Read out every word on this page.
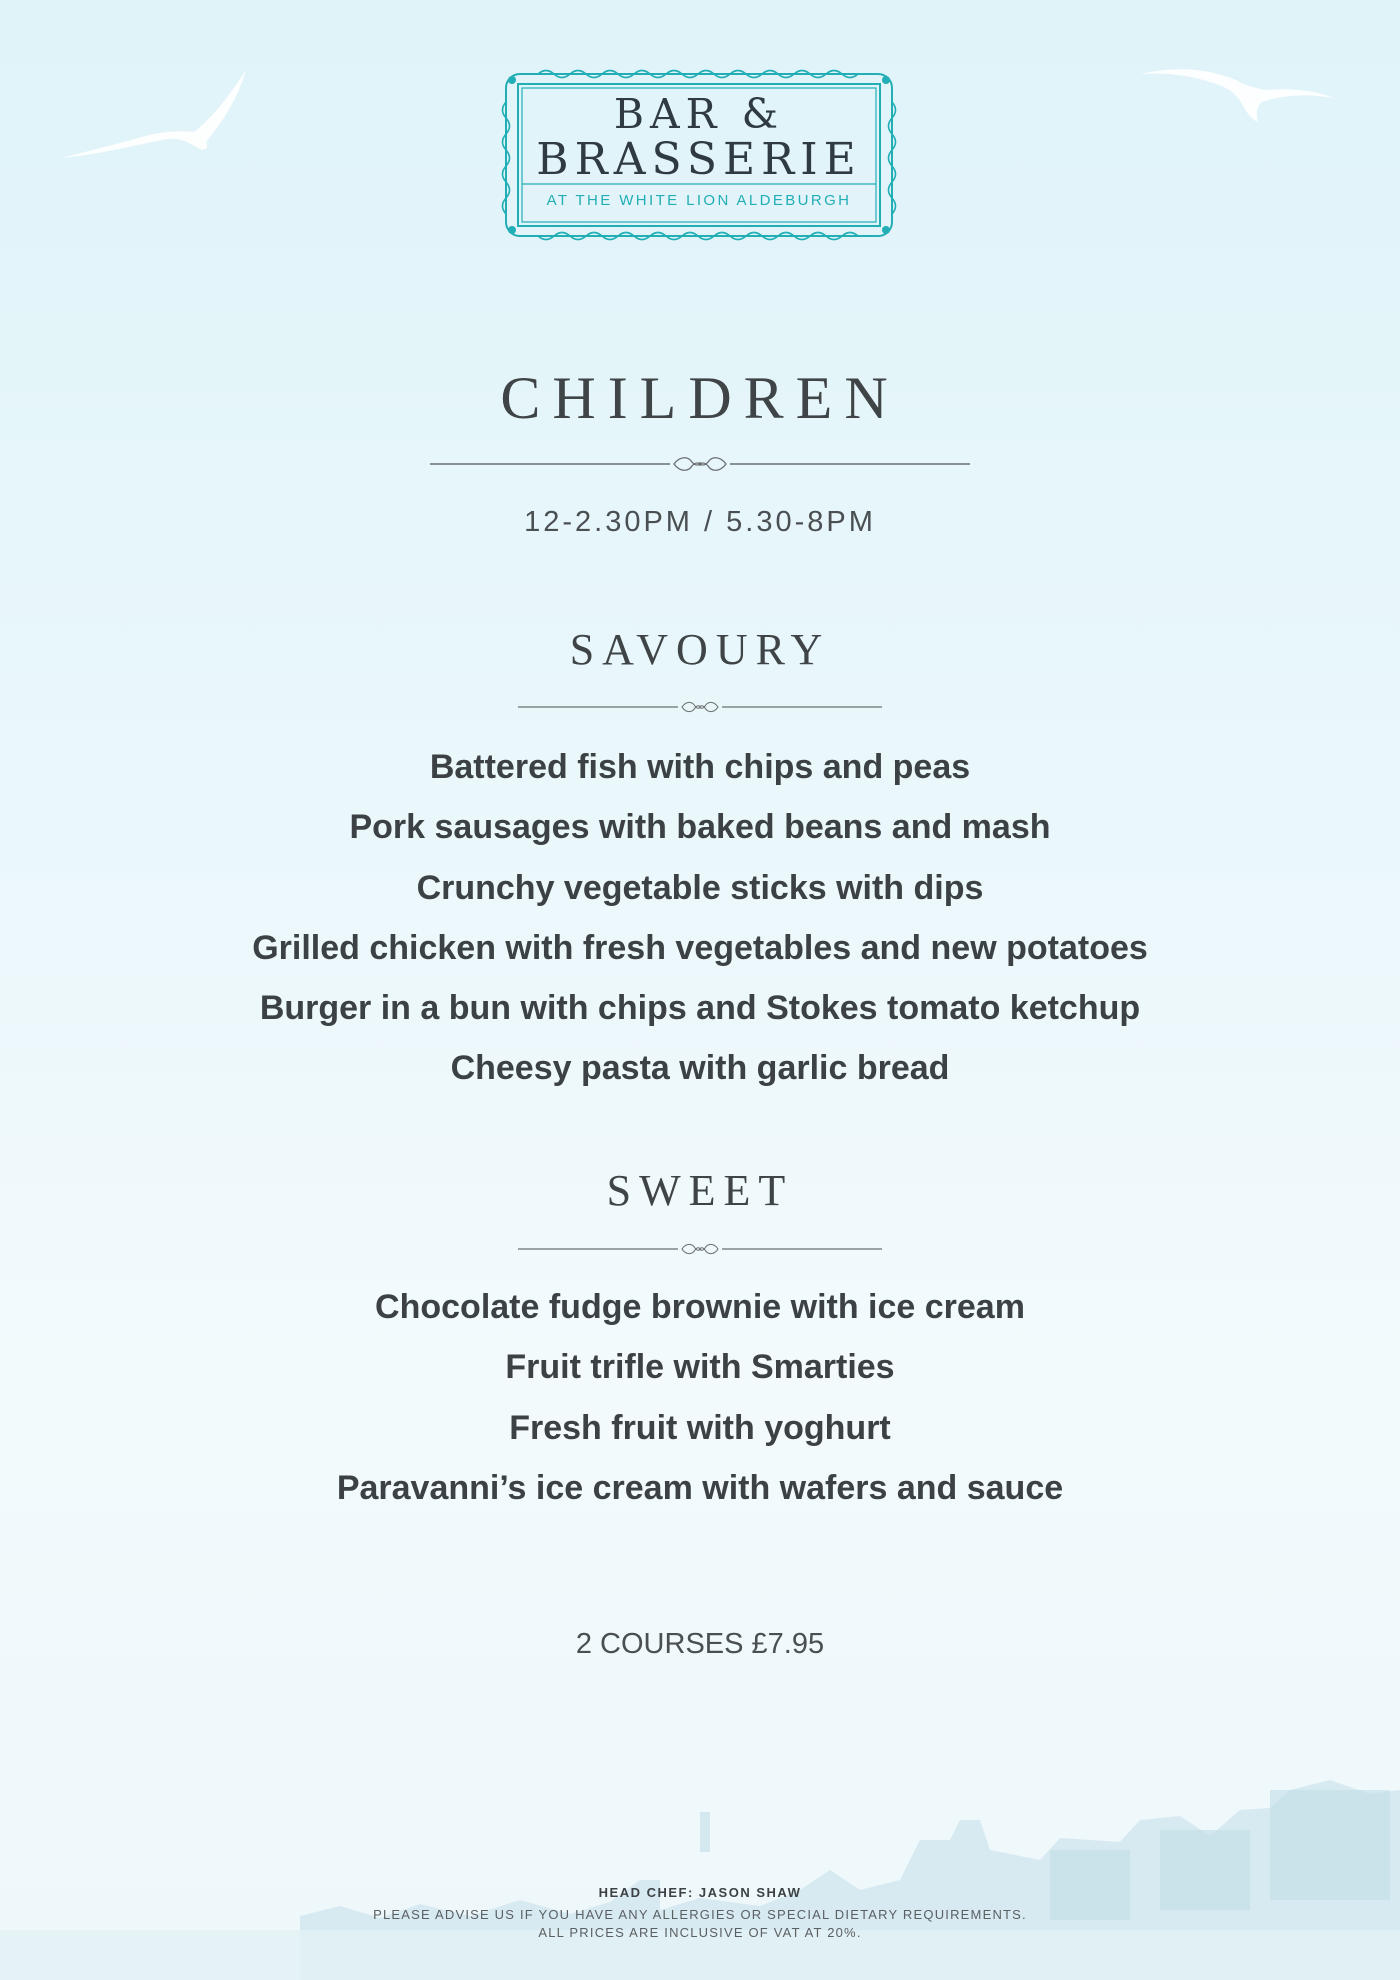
BAR &
BRASSERIE
AT THE WHITE LION ALDEBURGH
CHILDREN
12-2.30PM / 5.30-8PM
SAVOURY
Battered fish with chips and peas
Pork sausages with baked beans and mash
Crunchy vegetable sticks with dips
Grilled chicken with fresh vegetables and new potatoes
Burger in a bun with chips and Stokes tomato ketchup
Cheesy pasta with garlic bread
SWEET
Chocolate fudge brownie with ice cream
Fruit trifle with Smarties
Fresh fruit with yoghurt
Paravanni’s ice cream with wafers and sauce
2 COURSES £7.95
HEAD CHEF: JASON SHAW
PLEASE ADVISE US IF YOU HAVE ANY ALLERGIES OR SPECIAL DIETARY REQUIREMENTS.
ALL PRICES ARE INCLUSIVE OF VAT AT 20%.
